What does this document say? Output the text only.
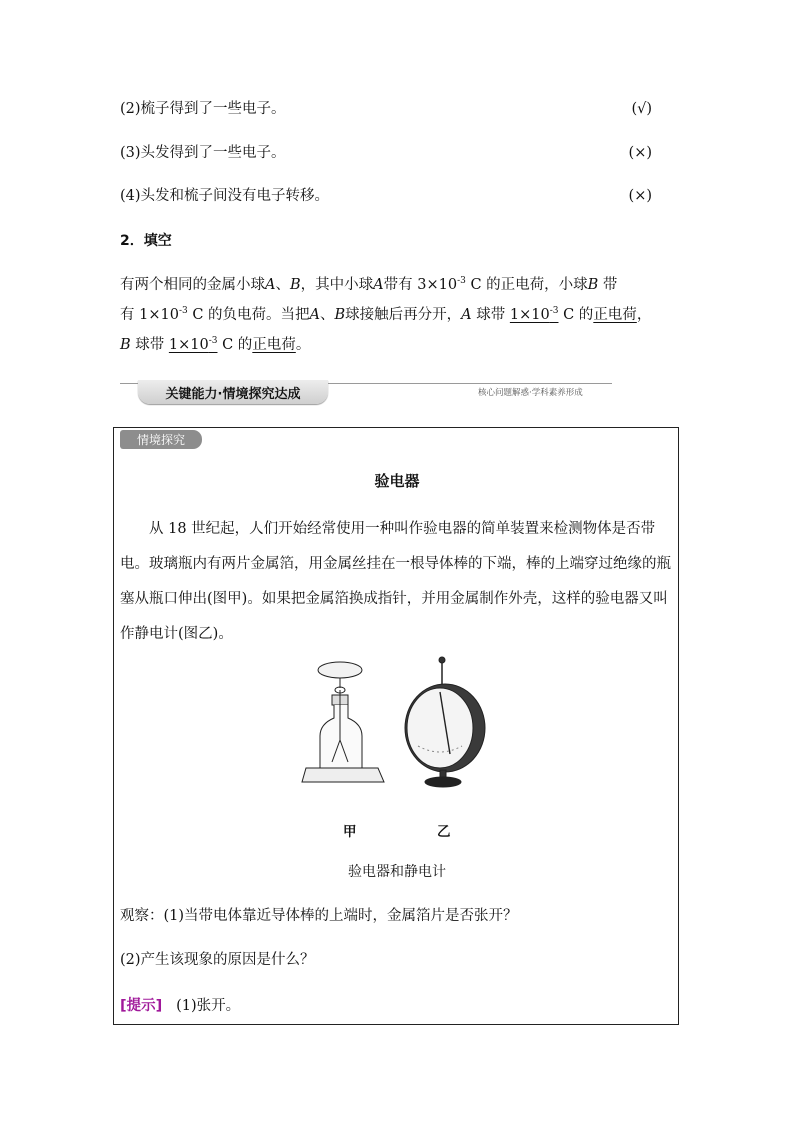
(2)梳子得到了一些电子。	(√)
(3)头发得到了一些电子。	(×)
(4)头发和梳子间没有电子转移。	(×)
2．填空
有两个相同的金属小球A、B，其中小球A带有 $3\times 10^{-3}$ C 的正电荷，小球B 带
有 $1\times 10^{-3}$ C 的负电荷。当把A、B球接触后再分开，A 球带 $1\times 10^{-3}$ C 的正电荷，
B 球带 $1\times 10^{-3}$ C 的正电荷。
关键能力·情境探究达成	核心问题解惑·学科素养形成
情境探究
验电器
从 18 世纪起，人们开始经常使用一种叫作验电器的简单装置来检测物体是否带电。玻璃瓶内有两片金属箔，用金属丝挂在一根导体棒的下端，棒的上端穿过绝缘的瓶塞从瓶口伸出(图甲)。如果把金属箔换成指针，并用金属制作外壳，这样的验电器又叫作静电计(图乙)。
甲	乙
验电器和静电计
观察：(1)当带电体靠近导体棒的上端时，金属箔片是否张开？
(2)产生该现象的原因是什么？
[提示] (1)张开。
